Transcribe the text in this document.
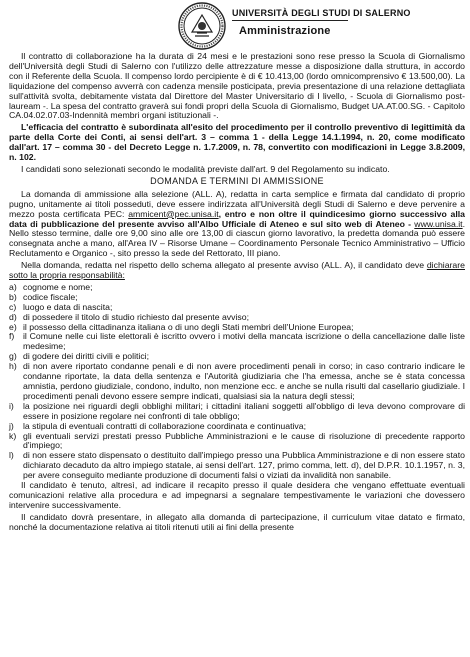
UNIVERSITÀ DEGLI STUDI DI SALERNO
Amministrazione

Il contratto di collaborazione ha la durata di 24 mesi e le prestazioni sono rese presso la Scuola di Giornalismo dell'Università degli Studi di Salerno con l'utilizzo delle attrezzature messe a disposizione dalla struttura, in accordo con il Referente della Scuola. Il compenso lordo percipiente è di € 10.413,00 (lordo omnicomprensivo € 13.500,00). La liquidazione del compenso avverrà con cadenza mensile posticipata, previa presentazione di una relazione dettagliata sull'attività svolta, debitamente vistata dal Direttore del Master Universitario di I livello, - Scuola di Giornalismo post-lauream -. La spesa del contratto graverà sui fondi propri della Scuola di Giornalismo, Budget UA.AT.00.SG. - Capitolo CA.04.02.07.03-Indennità membri organi istituzionali -.

L'efficacia del contratto è subordinata all'esito del procedimento per il controllo preventivo di legittimità da parte della Corte dei Conti, ai sensi dell'art. 3 – comma 1 - della Legge 14.1.1994, n. 20, come modificato dall'art. 17 – comma 30 - del Decreto Legge n. 1.7.2009, n. 78, convertito con modificazioni in Legge 3.8.2009, n. 102.

I candidati sono selezionati secondo le modalità previste dall'art. 9 del Regolamento su indicato.

DOMANDA E TERMINI DI AMMISSIONE

La domanda di ammissione alla selezione (ALL. A), redatta in carta semplice e firmata dal candidato di proprio pugno, unitamente ai titoli posseduti, deve essere indirizzata all'Università degli Studi di Salerno e deve pervenire a mezzo posta certificata PEC: ammicent@pec.unisa.it, entro e non oltre il quindicesimo giorno successivo alla data di pubblicazione del presente avviso all'Albo Ufficiale di Ateneo e sul sito web di Ateneo - www.unisa.it. Nello stesso termine, dalle ore 9,00 sino alle ore 13,00 di ciascun giorno lavorativo, la predetta domanda può essere consegnata anche a mano, all'Area IV – Risorse Umane – Coordinamento Personale Tecnico Amministrativo – Ufficio Reclutamento e Organico -, sito presso la sede del Rettorato, III piano.

Nella domanda, redatta nel rispetto dello schema allegato al presente avviso (ALL. A), il candidato deve dichiarare sotto la propria responsabilità:

a) cognome e nome;
b) codice fiscale;
c) luogo e data di nascita;
d) di possedere il titolo di studio richiesto dal presente avviso;
e) il possesso della cittadinanza italiana o di uno degli Stati membri dell'Unione Europea;
f) il Comune nelle cui liste elettorali è iscritto ovvero i motivi della mancata iscrizione o della cancellazione dalle liste medesime;
g) di godere dei diritti civili e politici;
h) di non avere riportato condanne penali e di non avere procedimenti penali in corso; in caso contrario indicare le condanne riportate, la data della sentenza e l'Autorità giudiziaria che l'ha emessa, anche se è stata concessa amnistia, perdono giudiziale, condono, indulto, non menzione ecc. e anche se nulla risulti dal casellario giudiziale. I procedimenti penali devono essere sempre indicati, qualsiasi sia la natura degli stessi;
i)	la posizione nei riguardi degli obblighi militari; i cittadini italiani soggetti all'obbligo di leva devono comprovare di essere in posizione regolare nei confronti di tale obbligo;
j)	la stipula di eventuali contratti di collaborazione coordinata e continuativa;
k) gli eventuali servizi prestati presso Pubbliche Amministrazioni e le cause di risoluzione di precedente rapporto d'impiego;
l)	di non essere stato dispensato o destituito dall'impiego presso una Pubblica Amministrazione e di non essere stato dichiarato decaduto da altro impiego statale, ai sensi dell'art. 127, primo comma, lett. d), del D.P.R. 10.1.1957, n. 3, per avere conseguito mediante produzione di documenti falsi o viziati da invalidità non sanabile.

Il candidato è tenuto, altresì, ad indicare il recapito presso il quale desidera che vengano effettuate eventuali comunicazioni relative alla procedura e ad impegnarsi a segnalare tempestivamente le variazioni che dovessero intervenire successivamente.

Il candidato dovrà presentare, in allegato alla domanda di partecipazione, il curriculum vitae datato e firmato, nonché la documentazione relativa ai titoli ritenuti utili ai fini della presente
